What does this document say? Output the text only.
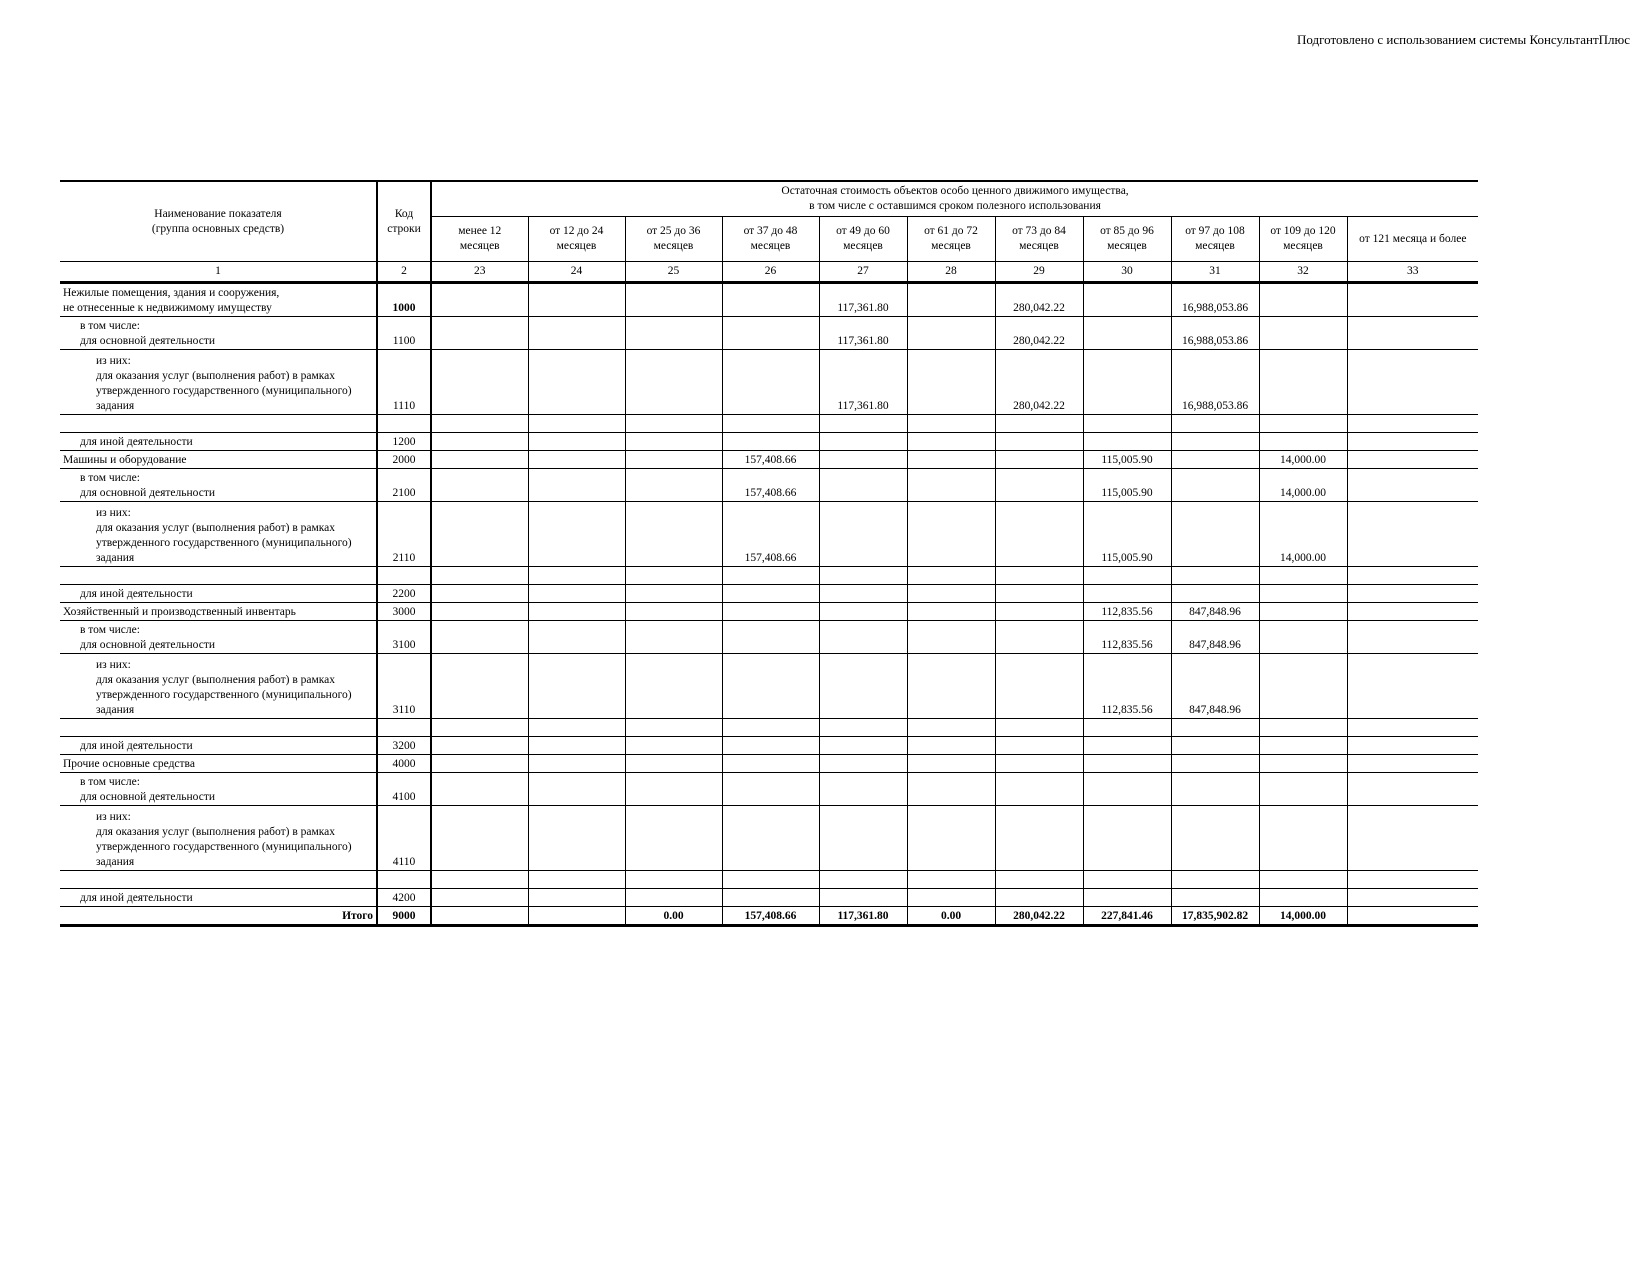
Подготовлено с использованием системы КонсультантПлюс
Наименование показателя
(группа основных средств)	Код
строки	Остаточная стоимость объектов особо ценного движимого имущества,
в том числе с оставшимся сроком полезного использования										

		менее 12
месяцев	от 12 до 24
месяцев	от 25 до 36
месяцев	от 37 до 48
месяцев	от 49 до 60
месяцев	от 61 до 72
месяцев	от 73 до 84
месяцев	от 85 до 96
месяцев	от 97 до 108
месяцев	от 109 до 120
месяцев	от 121 месяца и более

1	2	23	24	25	26	27	28	29	30	31	32	33

Нежилые помещения, здания и сооружения,
не отнесенные к недвижимому имуществу	1000					117,361.80		280,042.22		16,988,053.86		

в том числе:
для основной деятельности	1100					117,361.80		280,042.22		16,988,053.86		

из них:
для оказания услуг (выполнения работ) в рамках
утвержденного государственного (муниципального)
задания	1110					117,361.80		280,042.22		16,988,053.86		

для иной деятельности	1200											

Машины и оборудование	2000				157,408.66				115,005.90		14,000.00	

в том числе:
для основной деятельности	2100				157,408.66				115,005.90		14,000.00	

из них:
для оказания услуг (выполнения работ) в рамках
утвержденного государственного (муниципального)
задания	2110				157,408.66				115,005.90		14,000.00	

для иной деятельности	2200											

Хозяйственный и производственный инвентарь	3000								112,835.56	847,848.96		

в том числе:
для основной деятельности	3100								112,835.56	847,848.96		

из них:
для оказания услуг (выполнения работ) в рамках
утвержденного государственного (муниципального)
задания	3110								112,835.56	847,848.96		

для иной деятельности	3200											

Прочие основные средства	4000											

в том числе:
для основной деятельности	4100											

из них:
для оказания услуг (выполнения работ) в рамках
утвержденного государственного (муниципального)
задания	4110											

для иной деятельности	4200											
Итого	9000			0.00	157,408.66	117,361.80	0.00	280,042.22	227,841.46	17,835,902.82	14,000.00	
